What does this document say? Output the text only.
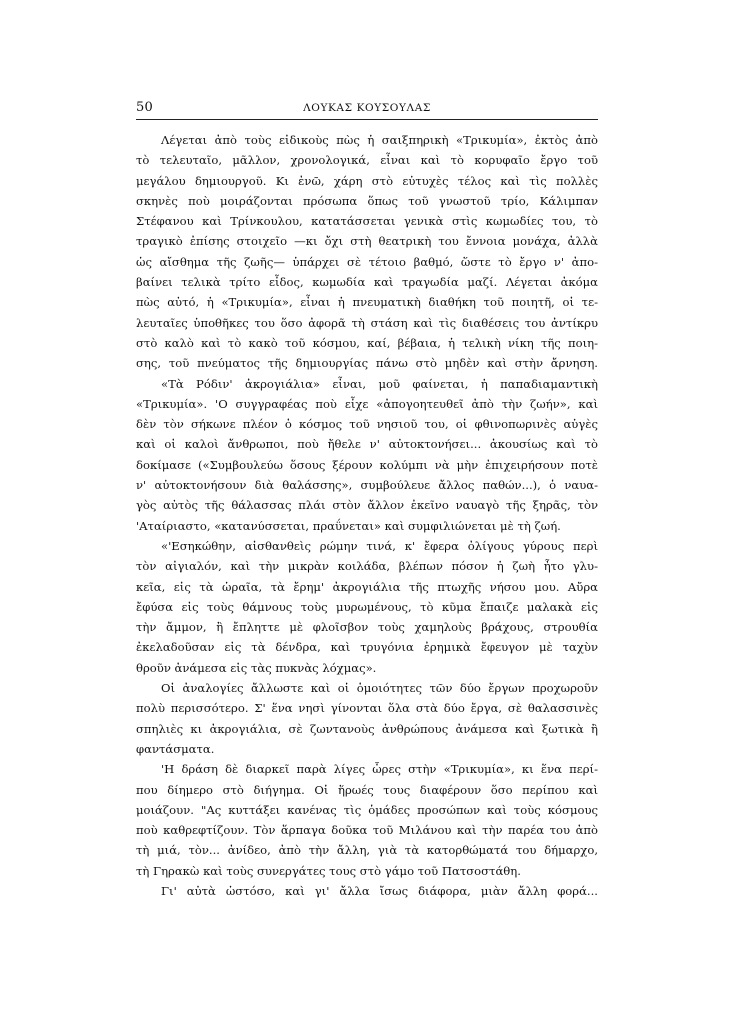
50	ΛΟΥΚΑΣ ΚΟΥΣΟΥΛΑΣ
Λέγεται ἀπὸ τοὺς εἰδικοὺς πὼς ἡ σαιξπηρικὴ «Τρικυμία», ἐκτὸς ἀπὸ
τὸ τελευταῖο, μᾶλλον, χρονολογικά, εἶναι καὶ τὸ κορυφαῖο ἔργο τοῦ
μεγάλου δημιουργοῦ. Κι ἐνῶ, χάρη στὸ εὐτυχὲς τέλος καὶ τὶς πολλὲς
σκηνὲς ποὺ μοιράζονται πρόσωπα ὅπως τοῦ γνωστοῦ τρίο, Κάλιμπαν
Στέφανου καὶ Τρίνκουλου, κατατάσσεται γενικὰ στὶς κωμωδίες του, τὸ
τραγικὸ ἐπίσης στοιχεῖο —κι ὄχι στὴ θεατρικὴ του ἔννοια μονάχα, ἀλλὰ
ὡς αἴσθημα τῆς ζωῆς— ὑπάρχει σὲ τέτοιο βαθμό, ὥστε τὸ ἔργο ν' ἀπο-
βαίνει τελικὰ τρίτο εἶδος, κωμωδία καὶ τραγωδία μαζί. Λέγεται ἀκόμα
πὼς αὐτό, ἡ «Τρικυμία», εἶναι ἡ πνευματικὴ διαθήκη τοῦ ποιητῆ, οἱ τε-
λευταῖες ὑποθῆκες του ὅσο ἀφορᾶ τὴ στάση καὶ τὶς διαθέσεις του ἀντίκρυ
στὸ καλὸ καὶ τὸ κακὸ τοῦ κόσμου, καί, βέβαια, ἡ τελικὴ νίκη τῆς ποιη-
σης, τοῦ πνεύματος τῆς δημιουργίας πάνω στὸ μηδὲν καὶ στὴν ἄρνηση.
«Τὰ Ρόδιν' ἀκρογιάλια» εἶναι, μοῦ φαίνεται, ἡ παπαδιαμαντικὴ
«Τρικυμία». 'Ο συγγραφέας ποὺ εἶχε «ἀπογοητευθεῖ ἀπὸ τὴν ζωήν», καὶ
δὲν τὸν σήκωνε πλέον ὁ κόσμος τοῦ νησιοῦ του, οἱ φθινοπωρινὲς αὐγὲς
καὶ οἱ καλοὶ ἄνθρωποι, ποὺ ἤθελε ν' αὐτοκτονήσει... ἀκουσίως καὶ τὸ
δοκίμασε («Συμβουλεύω ὅσους ξέρουν κολύμπι νὰ μὴν ἐπιχειρήσουν ποτὲ
ν' αὐτοκτονήσουν διὰ θαλάσσης», συμβούλευε ἄλλος παθών...), ὁ ναυα-
γὸς αὐτὸς τῆς θάλασσας πλάι στὸν ἄλλον ἐκεῖνο ναυαγὸ τῆς ξηρᾶς, τὸν
'Αταίριαστο, «κατανύσσεται, πραΰνεται» καὶ συμφιλιώνεται μὲ τὴ ζωή.
«'Εσηκώθην, αἰσθανθεὶς ρώμην τινά, κ' ἔφερα ὀλίγους γύρους περὶ
τὸν αἰγιαλόν, καὶ τὴν μικρὰν κοιλάδα, βλέπων πόσον ἡ ζωὴ ἦτο γλυ-
κεῖα, εἰς τὰ ὡραῖα, τὰ ἔρημ' ἀκρογιάλια τῆς πτωχῆς νήσου μου. Αὔρα
ἔφύσα εἰς τοὺς θάμνους τοὺς μυρωμένους, τὸ κῦμα ἔπαιζε μαλακὰ εἰς
τὴν ἄμμον, ἢ ἔπληττε μὲ φλοῖσβον τοὺς χαμηλοὺς βράχους, στρουθία
ἐκελαδοῦσαν εἰς τὰ δένδρα, καὶ τρυγόνια ἐρημικὰ ἔφευγον μὲ ταχὺν
θρoῦν ἀνάμεσα εἰς τὰς πυκνὰς λόχμας».
Οἱ ἀναλογίες ἄλλωστε καὶ οἱ ὁμοιότητες τῶν δύο ἔργων προχωροῦν
πολὺ περισσότερο. Σ' ἕνα νησὶ γίνονται ὅλα στὰ δύο ἔργα, σὲ θαλασσινὲς
σπηλιὲς κι ἀκρογιάλια, σὲ ζωντανοὺς ἀνθρώπους ἀνάμεσα καὶ ξωτικὰ ἢ
φαντάσματα.
'Η δράση δὲ διαρκεῖ παρὰ λίγες ὧρες στὴν «Τρικυμία», κι ἕνα περί-
που δίημερο στὸ διήγημα. Οἱ ἥρωές τους διαφέρουν ὅσο περίπου καὶ
μοιάζουν. "Ας κυττάξει κανένας τὶς ὁμάδες προσώπων καὶ τοὺς κόσμους
ποὺ καθρεφτίζουν. Τὸν ἅρπαγα δοῦκα τοῦ Μιλάνου καὶ τὴν παρέα του ἀπὸ
τὴ μιά, τὸν... ἀνίδεο, ἀπὸ τὴν ἄλλη, γιὰ τὰ κατορθώματά του δήμαρχο,
τὴ Γηρακὼ καὶ τοὺς συνεργάτες τους στὸ γάμο τοῦ Πατσοστάθη.
Γι' αὐτὰ ὡστόσο, καὶ γι' ἄλλα ἴσως διάφορα, μιὰν ἄλλη φορά...
